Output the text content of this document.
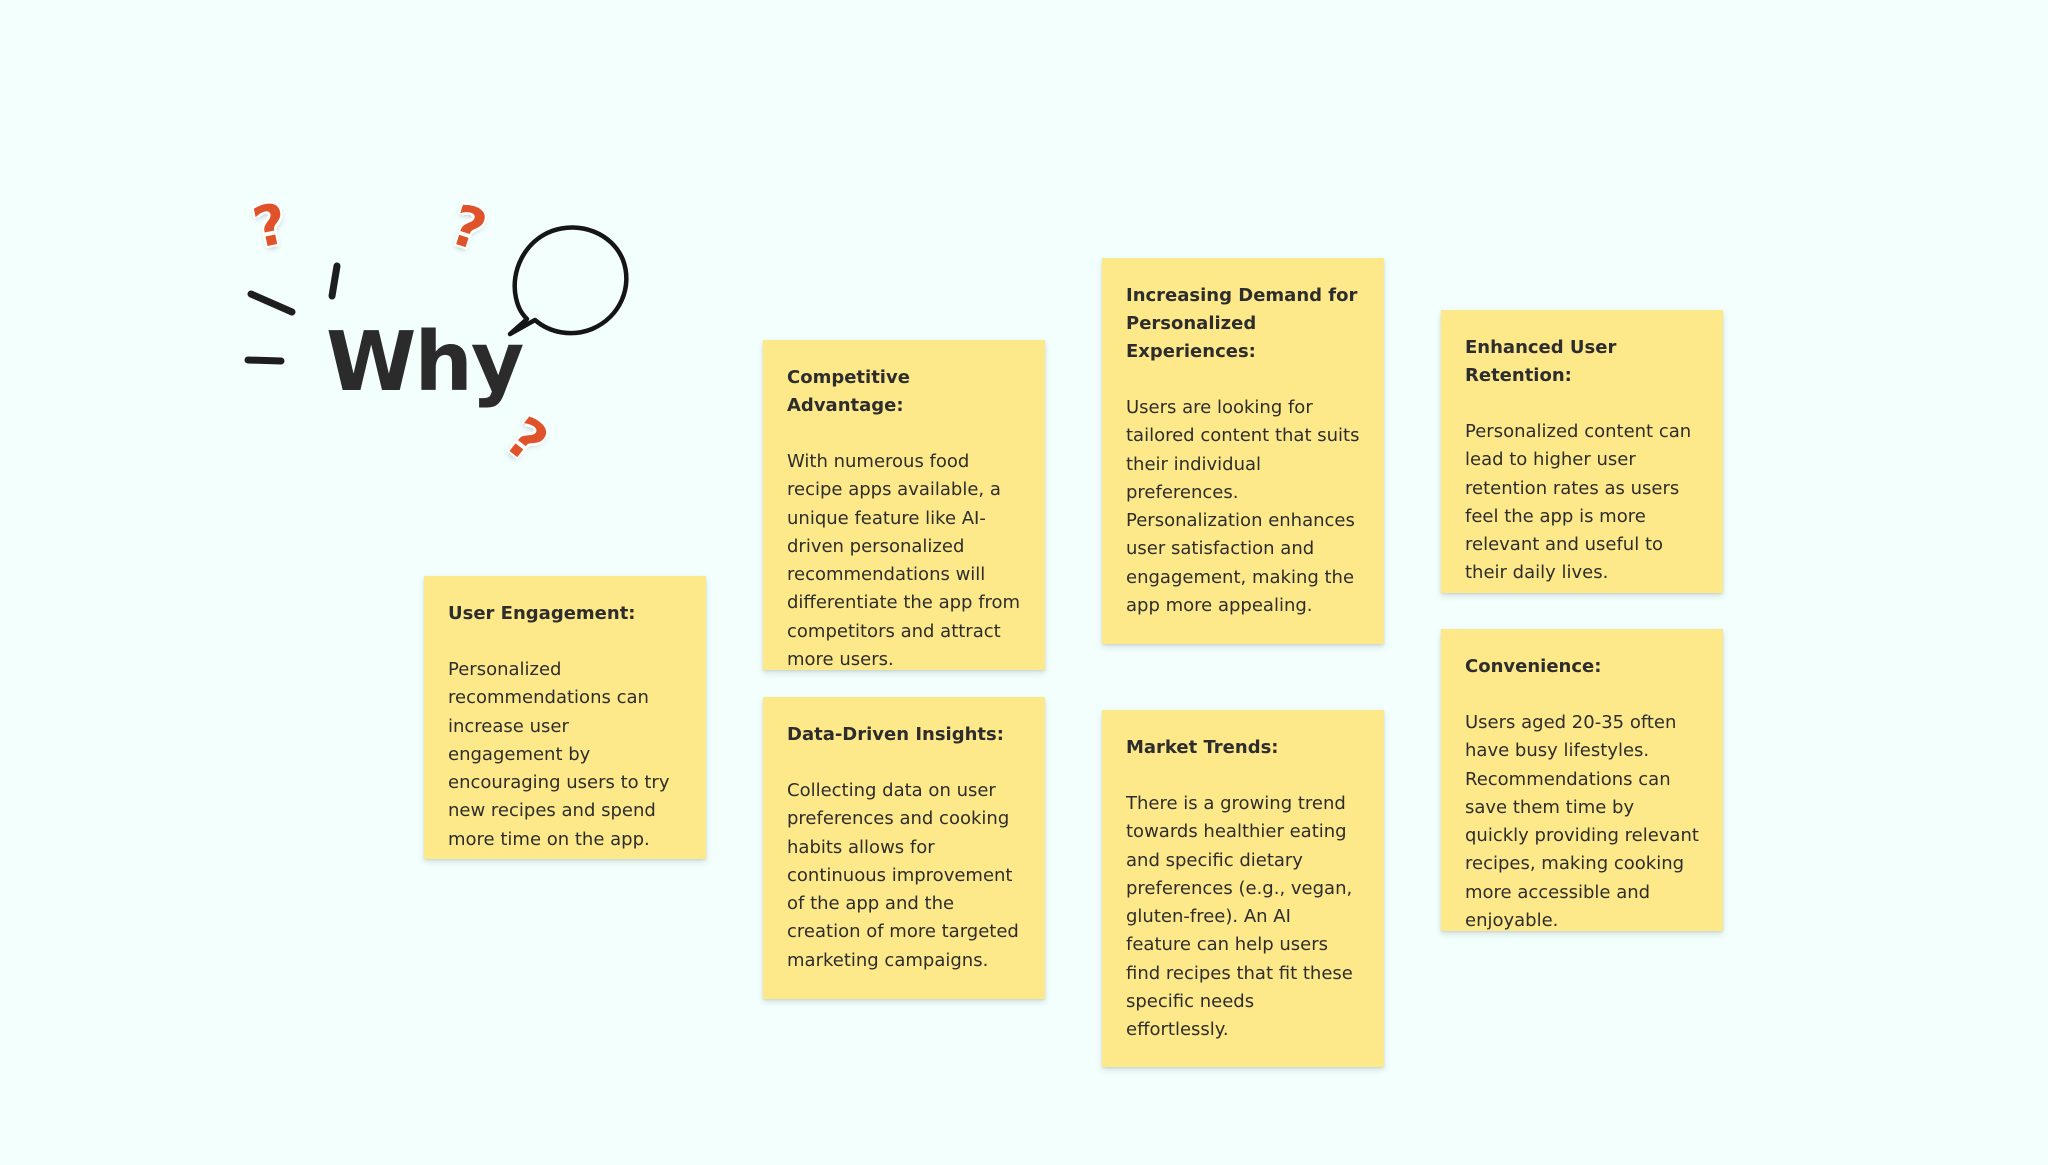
Why
?	?
?

User Engagement:

Personalized recommendations can increase user engagement by encouraging users to try new recipes and spend more time on the app.

Competitive Advantage:

With numerous food recipe apps available, a unique feature like AI-driven personalized recommendations will differentiate the app from competitors and attract more users.

Data-Driven Insights:

Collecting data on user preferences and cooking habits allows for continuous improvement of the app and the creation of more targeted marketing campaigns.

Increasing Demand for Personalized Experiences:

Users are looking for tailored content that suits their individual preferences. Personalization enhances user satisfaction and engagement, making the app more appealing.

Market Trends:

There is a growing trend towards healthier eating and specific dietary preferences (e.g., vegan, gluten-free). An AI feature can help users find recipes that fit these specific needs effortlessly.

Enhanced User Retention:

Personalized content can lead to higher user retention rates as users feel the app is more relevant and useful to their daily lives.

Convenience:

Users aged 20-35 often have busy lifestyles. Recommendations can save them time by quickly providing relevant recipes, making cooking more accessible and enjoyable.
